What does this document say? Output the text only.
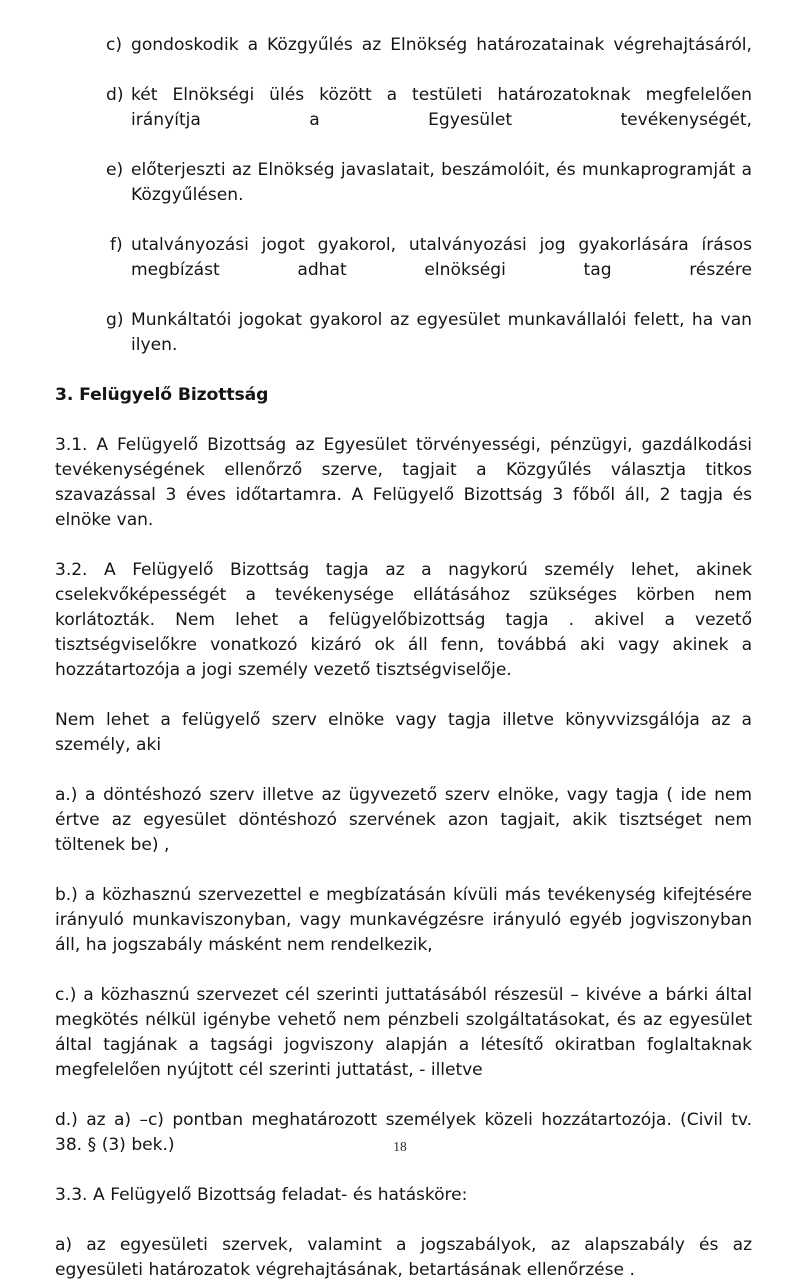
c) gondoskodik a Közgyűlés az Elnökség határozatainak végrehajtásáról,
d) két Elnökségi ülés között a testületi határozatoknak megfelelően irányítja a Egyesület tevékenységét,
e) előterjeszti az Elnökség javaslatait, beszámolóit, és munkaprogramját a Közgyűlésen.
f) utalványozási jogot gyakorol, utalványozási jog gyakorlására írásos megbízást adhat elnökségi tag részére
g) Munkáltatói jogokat gyakorol az egyesület munkavállalói felett, ha van ilyen.
3. Felügyelő Bizottság

3.1. A Felügyelő Bizottság az Egyesület törvényességi, pénzügyi, gazdálkodási tevékenységének ellenőrző szerve, tagjait a Közgyűlés választja titkos szavazással 3 éves időtartamra. A Felügyelő Bizottság 3 főből áll, 2 tagja és elnöke van.

3.2. A Felügyelő Bizottság tagja az a nagykorú személy lehet, akinek cselekvőképességét a tevékenysége ellátásához szükséges körben nem korlátozták. Nem lehet a felügyelőbizottság tagja . akivel a vezető tisztségviselőkre vonatkozó kizáró ok áll fenn, továbbá aki vagy akinek a hozzátartozója a jogi személy vezető tisztségviselője.

Nem lehet a felügyelő szerv elnöke vagy tagja illetve könyvvizsgálója az a személy, aki

a.) a döntéshozó szerv illetve az ügyvezető szerv elnöke, vagy tagja ( ide nem értve az egyesület döntéshozó szervének azon tagjait, akik tisztséget nem töltenek be) ,

b.) a közhasznú szervezettel e megbízatásán kívüli más tevékenység kifejtésére irányuló munkaviszonyban, vagy munkavégzésre irányuló egyéb jogviszonyban áll, ha jogszabály másként nem rendelkezik,

c.) a közhasznú szervezet cél szerinti juttatásából részesül – kivéve a bárki által megkötés nélkül igénybe vehető nem pénzbeli szolgáltatásokat, és az egyesület által tagjának a tagsági jogviszony alapján a létesítő okiratban foglaltaknak megfelelően nyújtott cél szerinti juttatást, - illetve

d.) az a) –c) pontban meghatározott személyek közeli hozzátartozója. (Civil tv. 38. § (3) bek.)

3.3. A Felügyelő Bizottság feladat- és hatásköre:

a) az egyesületi szervek, valamint a jogszabályok, az alapszabály és az egyesületi határozatok végrehajtásának, betartásának ellenőrzése .

18
